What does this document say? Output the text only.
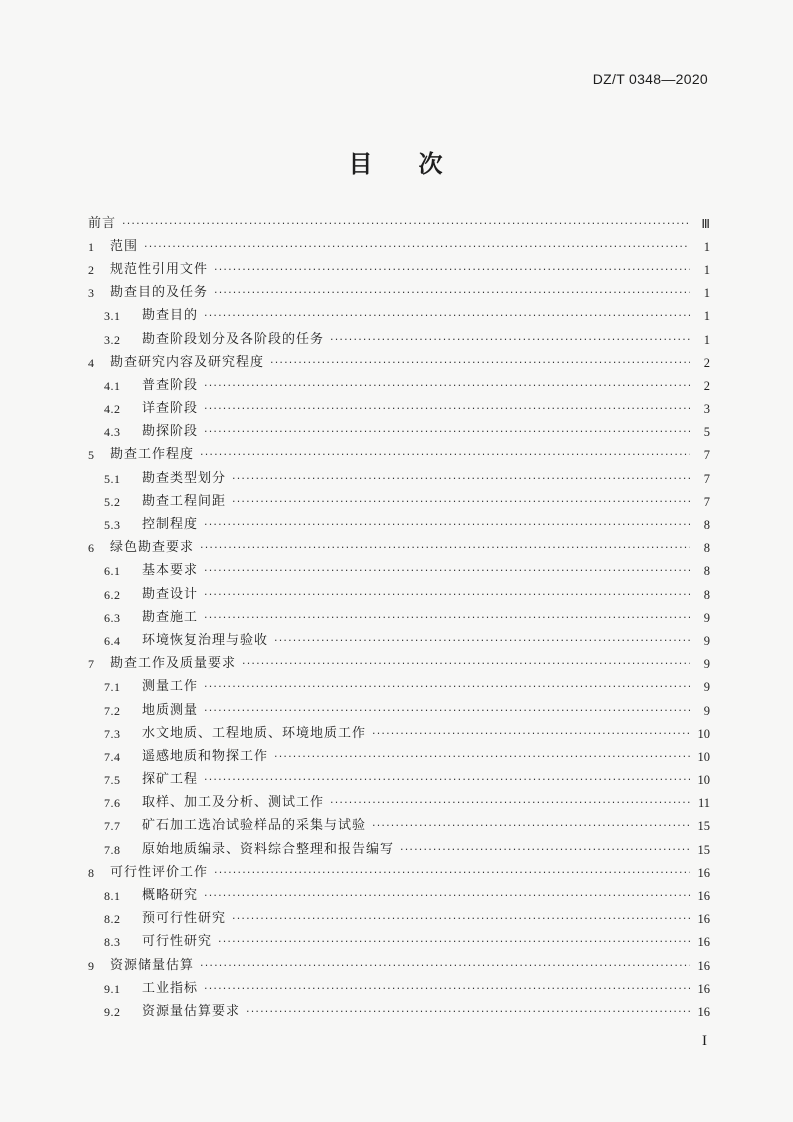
DZ/T 0348—2020
目 次
前言 ·····	Ⅲ
1	范围 ·····	1
2	规范性引用文件 ·····	1
3	勘查目的及任务 ·····	1
3.1	勘查目的 ·····	1
3.2	勘查阶段划分及各阶段的任务 ·····	1
4	勘查研究内容及研究程度 ·····	2
4.1	普查阶段 ·····	2
4.2	详查阶段 ·····	3
4.3	勘探阶段 ·····	5
5	勘查工作程度 ·····	7
5.1	勘查类型划分 ·····	7
5.2	勘查工程间距 ·····	7
5.3	控制程度 ·····	8
6	绿色勘查要求 ·····	8
6.1	基本要求 ·····	8
6.2	勘查设计 ·····	8
6.3	勘查施工 ·····	9
6.4	环境恢复治理与验收 ·····	9
7	勘查工作及质量要求 ·····	9
7.1	测量工作 ·····	9
7.2	地质测量 ·····	9
7.3	水文地质、工程地质、环境地质工作 ·····	10
7.4	遥感地质和物探工作 ·····	10
7.5	探矿工程 ·····	10
7.6	取样、加工及分析、测试工作 ·····	11
7.7	矿石加工选冶试验样品的采集与试验 ·····	15
7.8	原始地质编录、资料综合整理和报告编写 ·····	15
8	可行性评价工作 ·····	16
8.1	概略研究 ·····	16
8.2	预可行性研究 ·····	16
8.3	可行性研究 ·····	16
9	资源储量估算 ·····	16
9.1	工业指标 ·····	16
9.2	资源量估算要求 ·····	16
I
